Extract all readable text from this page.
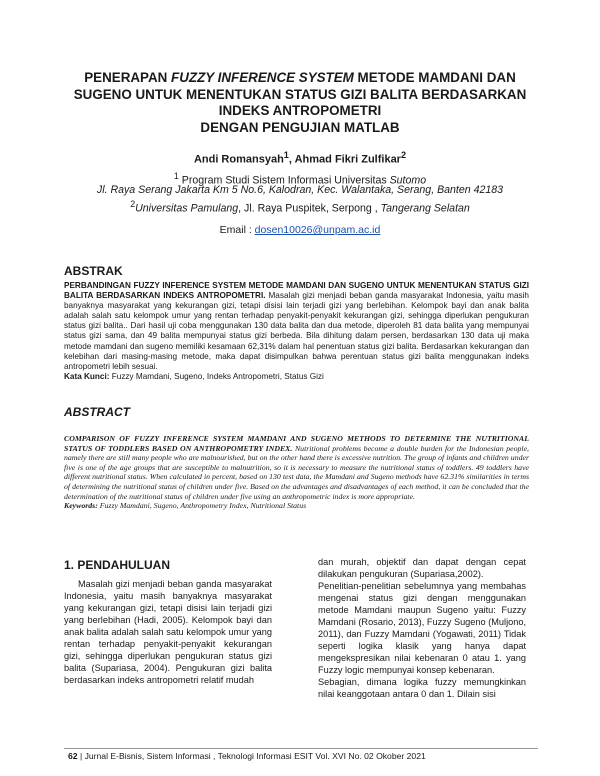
PENERAPAN FUZZY INFERENCE SYSTEM METODE MAMDANI DAN SUGENO UNTUK MENENTUKAN STATUS GIZI BALITA BERDASARKAN INDEKS ANTROPOMETRI
DENGAN PENGUJIAN MATLAB
Andi Romansyah$^1$, Ahmad Fikri Zulfikar$^2$
$^1$ Program Studi Sistem Informasi Universitas Sutomo
Jl. Raya Serang Jakarta Km 5 No.6, Kalodran, Kec. Walantaka, Serang, Banten 42183
$^2$Universitas Pamulang, Jl. Raya Puspitek, Serpong , Tangerang Selatan
Email : dosen10026@unpam.ac.id
ABSTRAK
PERBANDINGAN FUZZY INFERENCE SYSTEM METODE MAMDANI DAN SUGENO UNTUK MENENTUKAN STATUS GIZI BALITA BERDASARKAN INDEKS ANTROPOMETRI. Masalah gizi menjadi beban ganda masyarakat Indonesia, yaitu masih banyaknya masyarakat yang kekurangan gizi, tetapi disisi lain terjadi gizi yang berlebihan. Kelompok bayi dan anak balita adalah salah satu kelompok umur yang rentan terhadap penyakit-penyakit kekurangan gizi, sehingga diperlukan pengukuran status gizi balita.. Dari hasil uji coba menggunakan 130 data balita dan dua metode, diperoleh 81 data balita yang mempunyai status gizi sama, dan 49 balita mempunyai status gizi berbeda. Bila dihitung dalam persen, berdasarkan 130 data uji maka metode mamdani dan sugeno memiliki kesamaan 62,31% dalam hal penentuan status gizi balita. Berdasarkan kekurangan dan kelebihan dari masing-masing metode, maka dapat disimpulkan bahwa perentuan status gizi balita menggunakan indeks antropometri lebih sesuai.
Kata Kunci: Fuzzy Mamdani, Sugeno, Indeks Antropometri, Status Gizi
ABSTRACT
COMPARISON OF FUZZY INFERENCE SYSTEM MAMDANI AND SUGENO METHODS TO DETERMINE THE NUTRITIONAL STATUS OF TODDLERS BASED ON ANTHROPOMETRY INDEX. Nutritional problems become a double burden for the Indonesian people, namely there are still many people who are malnourished, but on the other hand there is excessive nutrition. The group of infants and children under five is one of the age groups that are susceptible to malnutrition, so it is necessary to measure the nutritional status of toddlers. 49 toddlers have different nutritional status. When calculated in percent, based on 130 test data, the Mamdani and Sugeno methods have 62.31% similarities in terms of determining the nutritional status of children under five. Based on the advantages and disadvantages of each method, it can be concluded that the determination of the nutritional status of children under five using an anthropometric index is more appropriate.
Keywords: Fuzzy Mamdani, Sugeno, Anthropometry Index, Nutritional Status
1. PENDAHULUAN

Masalah gizi menjadi beban ganda masyarakat Indonesia, yaitu masih banyaknya masyarakat yang kekurangan gizi, tetapi disisi lain terjadi gizi yang berlebihan (Hadi, 2005). Kelompok bayi dan anak balita adalah salah satu kelompok umur yang rentan terhadap penyakit-penyakit kekurangan gizi, sehingga diperlukan pengukuran status gizi balita (Supariasa, 2004). Pengukuran gizi balita berdasarkan indeks antropometri relatif mudah

dan murah, objektif dan dapat dengan cepat dilakukan pengukuran (Supariasa,2002).

Penelitian-penelitian sebelumnya yang membahas mengenai status gizi dengan menggunakan metode Mamdani maupun Sugeno yaitu: Fuzzy Mamdani (Rosario, 2013), Fuzzy Sugeno (Muljono, 2011), dan Fuzzy Mamdani (Yogawati, 2011) Tidak seperti logika klasik yang hanya dapat mengekspresikan nilai kebenaran 0 atau 1. yang Fuzzy logic mempunyai konsep kebenaran.

Sebagian, dimana logika fuzzy memungkinkan nilai keanggotaan antara 0 dan 1. Dilain sisi

62 | Jurnal E-Bisnis, Sistem Informasi , Teknologi Informasi ESIT Vol. XVI No. 02 Okober 2021
